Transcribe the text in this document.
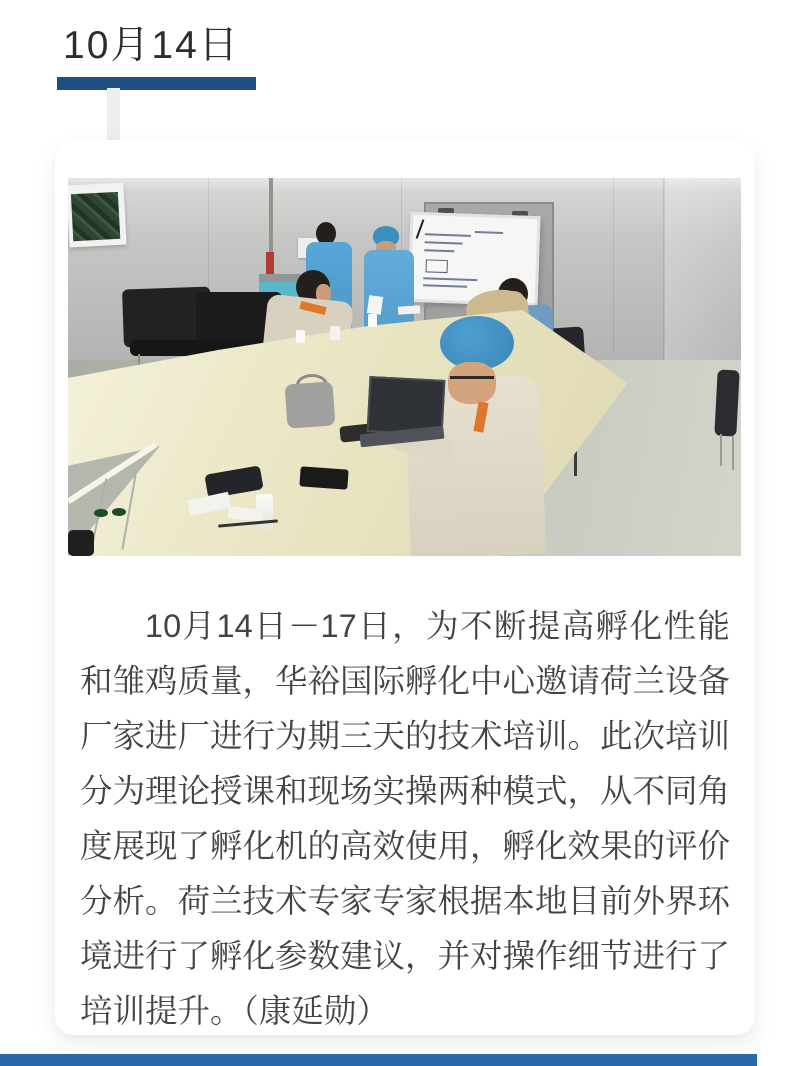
10月14日

10月14日－17日，为不断提高孵化性能和雏鸡质量，华裕国际孵化中心邀请荷兰设备厂家进厂进行为期三天的技术培训。此次培训分为理论授课和现场实操两种模式，从不同角度展现了孵化机的高效使用，孵化效果的评价分析。荷兰技术专家专家根据本地目前外界环境进行了孵化参数建议，并对操作细节进行了培训提升。（康延勋）
